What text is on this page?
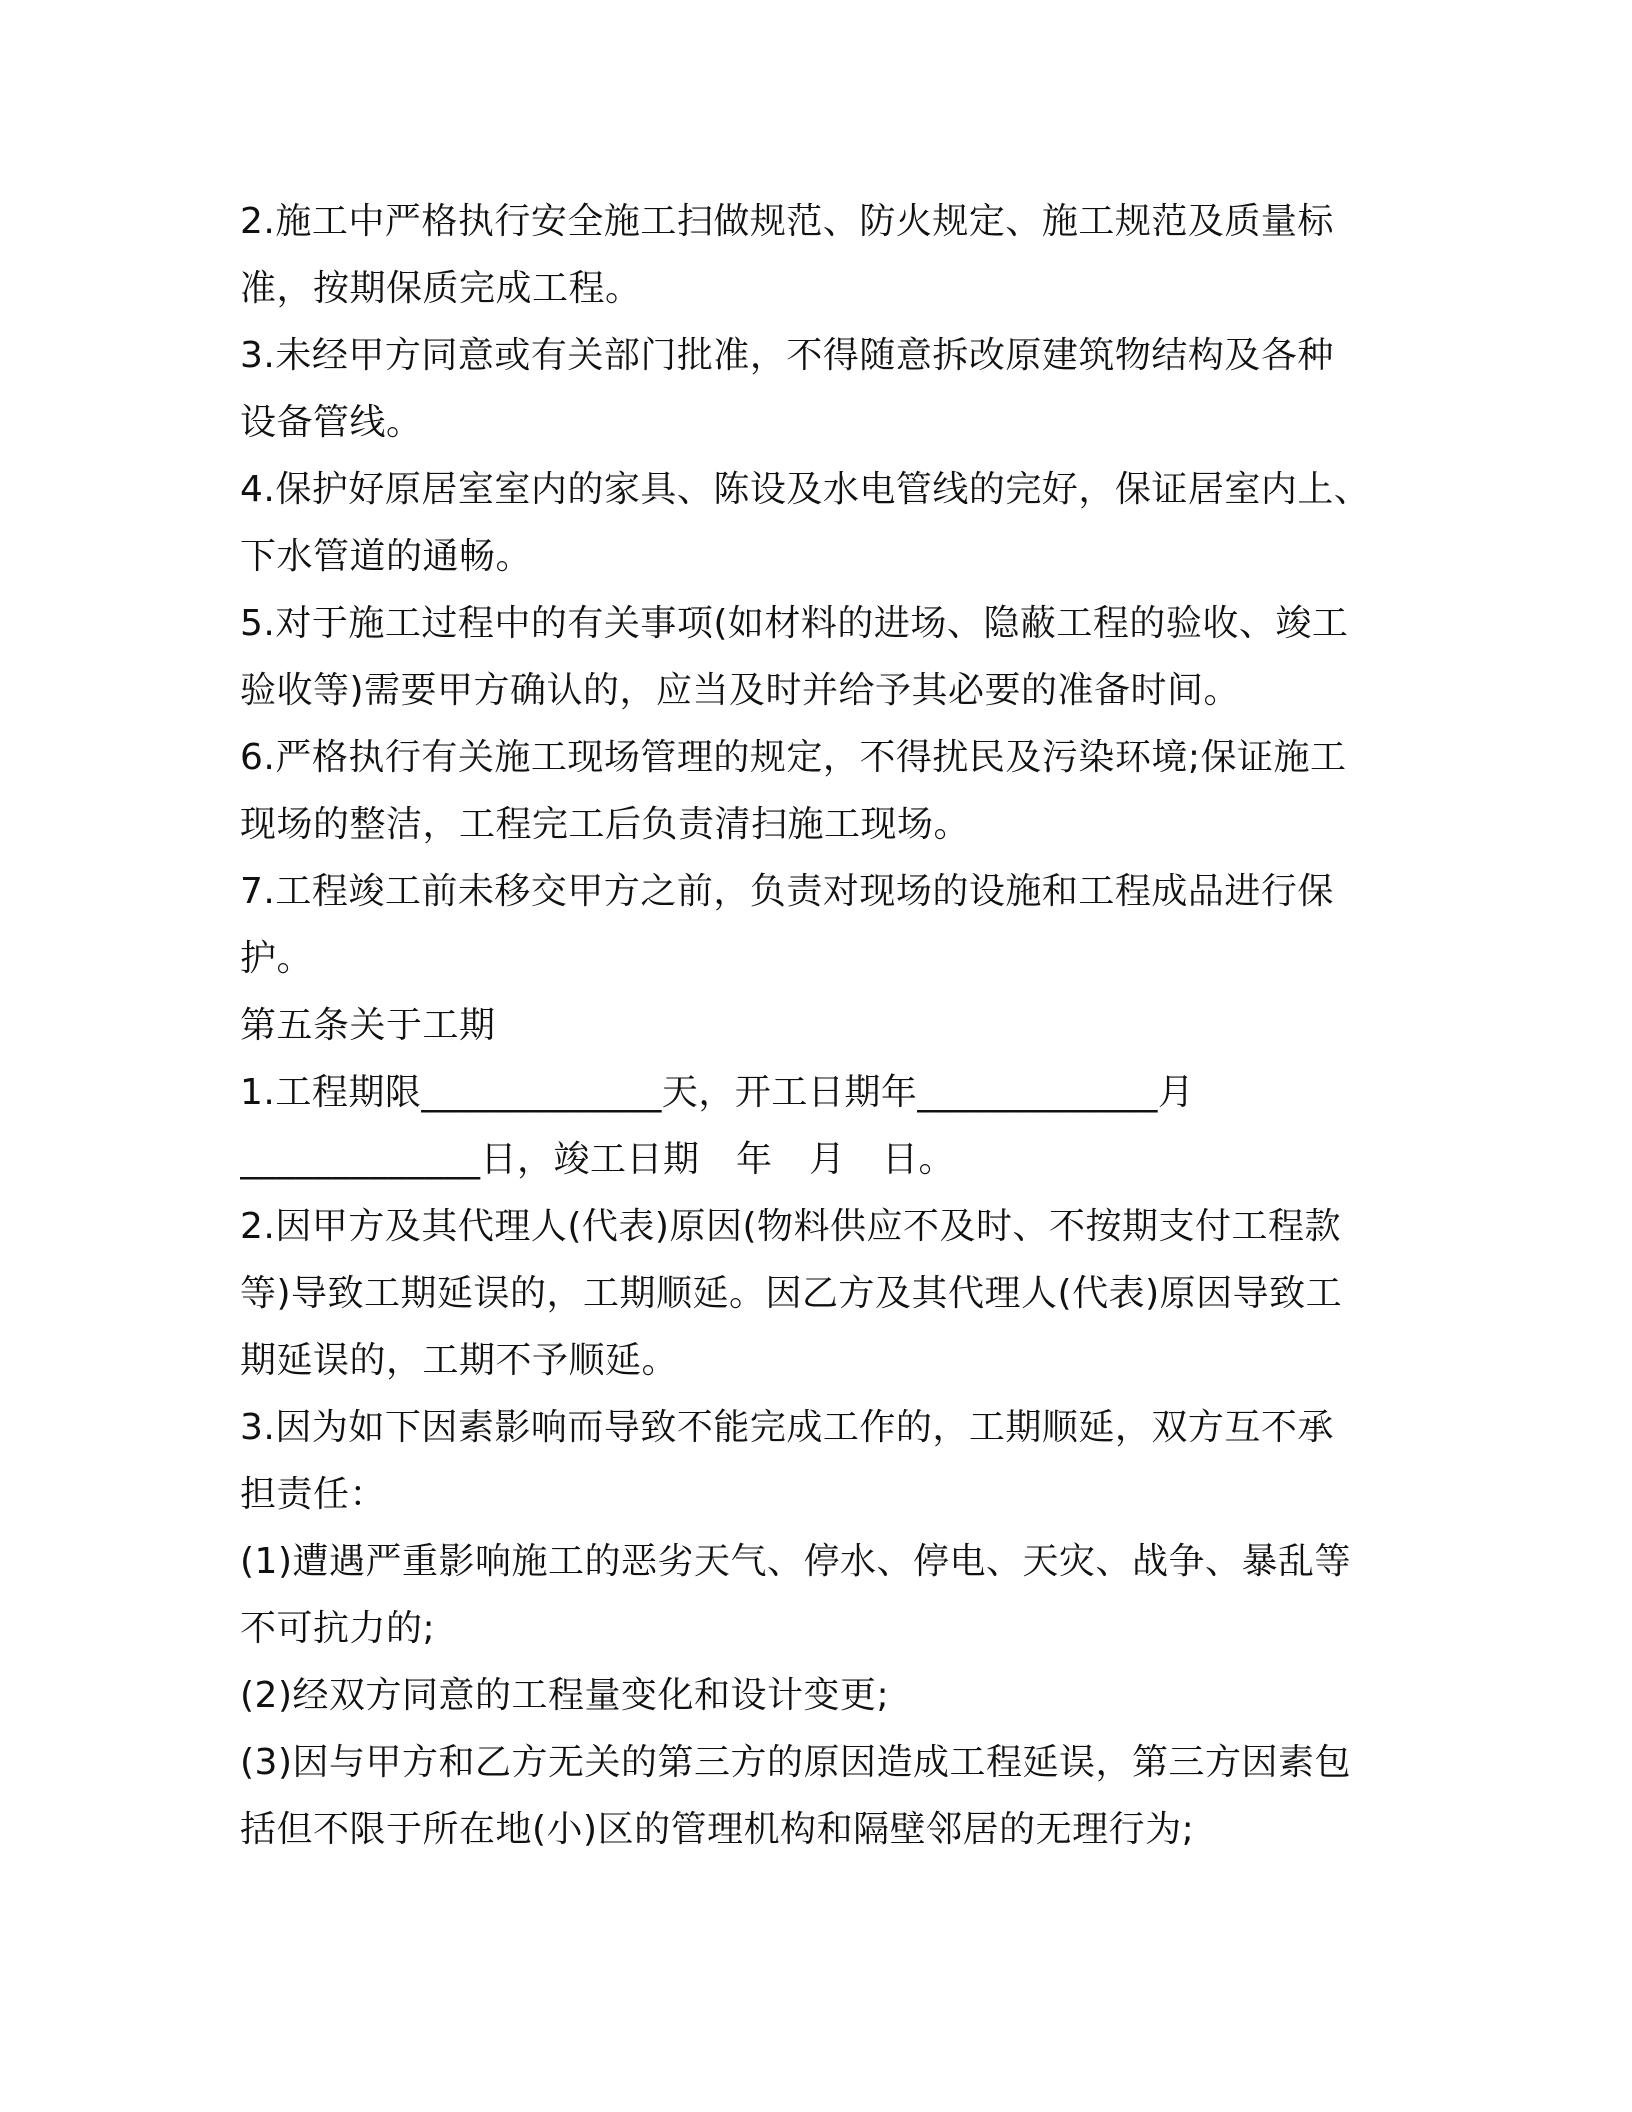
2.施工中严格执行安全施工扫做规范、防火规定、施工规范及质量标
准，按期保质完成工程。
3.未经甲方同意或有关部门批准，不得随意拆改原建筑物结构及各种
设备管线。
4.保护好原居室室内的家具、陈设及水电管线的完好，保证居室内上、
下水管道的通畅。
5.对于施工过程中的有关事项(如材料的进场、隐蔽工程的验收、竣工
验收等)需要甲方确认的，应当及时并给予其必要的准备时间。
6.严格执行有关施工现场管理的规定，不得扰民及污染环境;保证施工
现场的整洁，工程完工后负责清扫施工现场。
7.工程竣工前未移交甲方之前，负责对现场的设施和工程成品进行保
护。
第五条关于工期
1.工程期限_____________天，开工日期年_____________月
_____________日，竣工日期　年　月　日。
2.因甲方及其代理人(代表)原因(物料供应不及时、不按期支付工程款
等)导致工期延误的，工期顺延。因乙方及其代理人(代表)原因导致工
期延误的，工期不予顺延。
3.因为如下因素影响而导致不能完成工作的，工期顺延，双方互不承
担责任：
(1)遭遇严重影响施工的恶劣天气、停水、停电、天灾、战争、暴乱等
不可抗力的;
(2)经双方同意的工程量变化和设计变更;
(3)因与甲方和乙方无关的第三方的原因造成工程延误，第三方因素包
括但不限于所在地(小)区的管理机构和隔壁邻居的无理行为;
